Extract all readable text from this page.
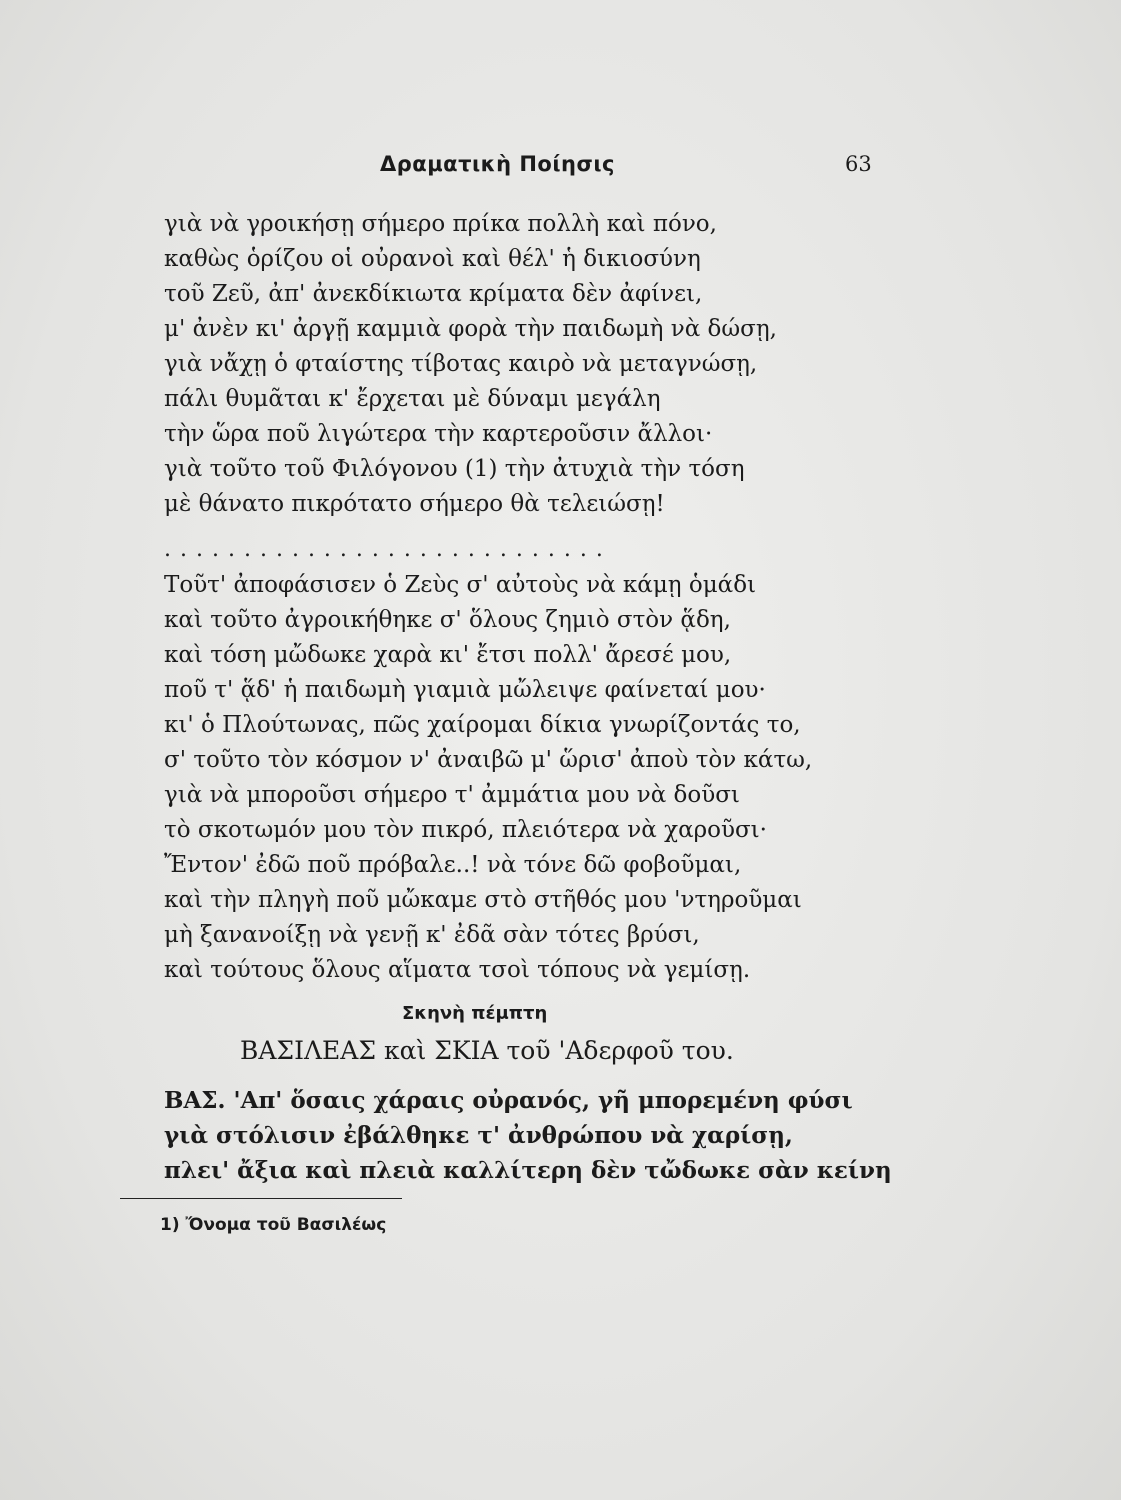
Δραματικὴ Ποίησις	63
γιὰ νὰ γροικήσῃ σήμερο πρίκα πολλὴ καὶ πόνο,
καθὼς ὁρίζου οἱ οὐρανοὶ καὶ θέλ' ἡ δικιοσύνη
τοῦ Ζεῦ, ἀπ' ἀνεκδίκιωτα κρίματα δὲν ἀφίνει,
μ' ἀνὲν κι' ἀργῇ καμμιὰ φορὰ τὴν παιδωμὴ νὰ δώσῃ,
γιὰ νἄχῃ ὁ φταίστης τίβοτας καιρὸ νὰ μεταγνώσῃ,
πάλι θυμᾶται κ' ἔρχεται μὲ δύναμι μεγάλη
τὴν ὥρα ποῦ λιγώτερα τὴν καρτεροῦσιν ἄλλοι·
γιὰ τοῦτο τοῦ Φιλόγονου (1) τὴν ἀτυχιὰ τὴν τόση
μὲ θάνατο πικρότατο σήμερο θὰ τελειώσῃ!
............................
Τοῦτ' ἀποφάσισεν ὁ Ζεὺς σ' αὐτοὺς νὰ κάμῃ ὁμάδι
καὶ τοῦτο ἀγροικήθηκε σ' ὅλους ζημιὸ στὸν ᾅδη,
καὶ τόση μὤδωκε χαρὰ κι' ἔτσι πολλ' ἄρεσέ μου,
ποῦ τ' ᾅδ' ἡ παιδωμὴ γιαμιὰ μὤλειψε φαίνεταί μου·
κι' ὁ Πλούτωνας, πῶς χαίρομαι δίκια γνωρίζοντάς το,
σ' τοῦτο τὸν κόσμον ν' ἀναιβῶ μ' ὥρισ' ἀποὺ τὸν κάτω,
γιὰ νὰ μποροῦσι σήμερο τ' ἀμμάτια μου νὰ δοῦσι
τὸ σκοτωμόν μου τὸν πικρό, πλειότερα νὰ χαροῦσι·
Ἔντον' ἐδῶ ποῦ πρόβαλε..! νὰ τόνε δῶ φοβοῦμαι,
καὶ τὴν πληγὴ ποῦ μὤκαμε στὸ στῆθός μου 'ντηροῦμαι
μὴ ξανανοίξῃ νὰ γενῇ κ' ἐδᾶ σὰν τότες βρύσι,
καὶ τούτους ὅλους αἵματα τσοὶ τόπους νὰ γεμίσῃ.
Σκηνὴ πέμπτη
ΒΑΣΙΛΕΑΣ καὶ ΣΚΙΑ τοῦ 'Αδερφοῦ του.
ΒΑΣ. 'Απ' ὅσαις χάραις οὐρανός, γῆ μπορεμένη φύσι
γιὰ στόλισιν ἐβάλθηκε τ' ἀνθρώπου νὰ χαρίσῃ,
πλει' ἄξια καὶ πλειὰ καλλίτερη δὲν τὤδωκε σὰν κείνη
1) Ὄνομα τοῦ Βασιλέως
